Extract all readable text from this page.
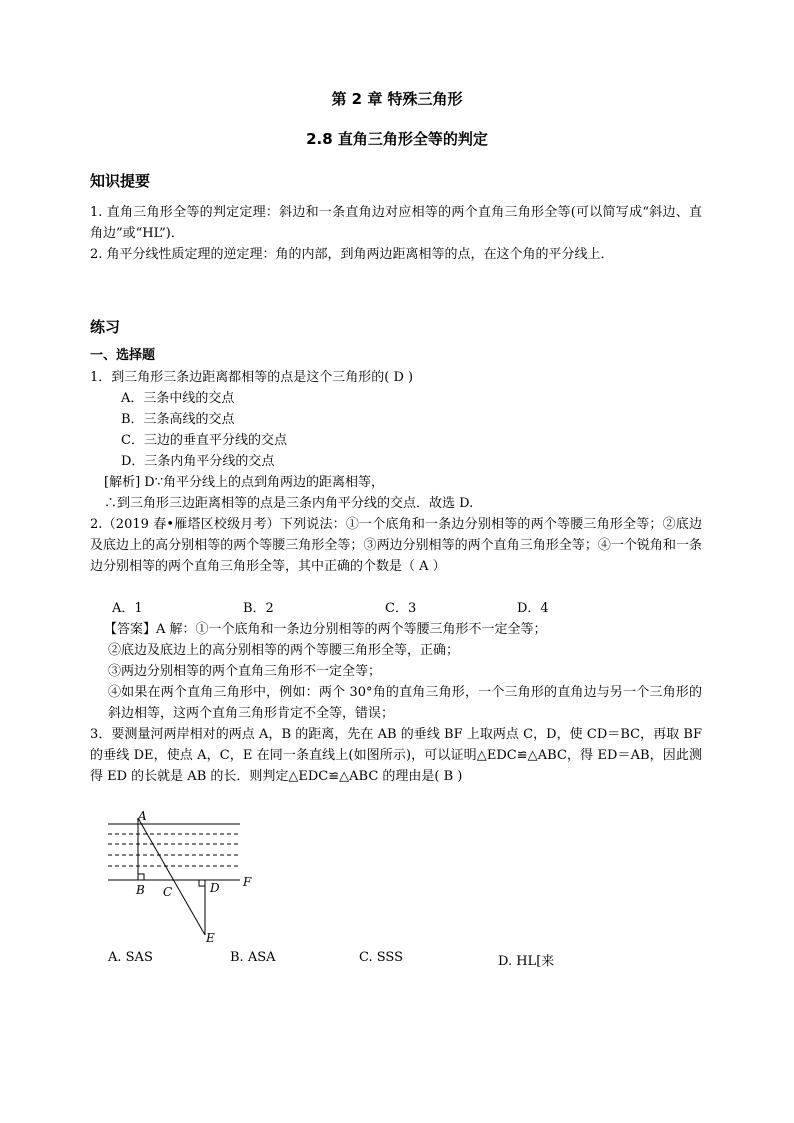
第 2 章 特殊三角形
2.8 直角三角形全等的判定
知识提要
1. 直角三角形全等的判定定理：斜边和一条直角边对应相等的两个直角三角形全等(可以简写成“斜边、直角边”或“HL”)．
2. 角平分线性质定理的逆定理：角的内部，到角两边距离相等的点，在这个角的平分线上．
练习
一、选择题
1．到三角形三条边距离都相等的点是这个三角形的( D )
A．三条中线的交点
B．三条高线的交点
C．三边的垂直平分线的交点
D．三条内角平分线的交点
[解析] D∵角平分线上的点到角两边的距离相等，
∴到三角形三边距离相等的点是三条内角平分线的交点．故选 D.
2.（2019 春•雁塔区校级月考）下列说法：①一个底角和一条边分别相等的两个等腰三角形全等；②底边及底边上的高分别相等的两个等腰三角形全等；③两边分别相等的两个直角三角形全等；④一个锐角和一条边分别相等的两个直角三角形全等，其中正确的个数是（ A ）
A．1	B．2	C．3	D．4
【答案】A 解：①一个底角和一条边分别相等的两个等腰三角形不一定全等；
②底边及底边上的高分别相等的两个等腰三角形全等，正确；
③两边分别相等的两个直角三角形不一定全等；
④如果在两个直角三角形中，例如：两个 30°角的直角三角形，一个三角形的直角边与另一个三角形的斜边相等，这两个直角三角形肯定不全等，错误；
3．要测量河两岸相对的两点 A，B 的距离，先在 AB 的垂线 BF 上取两点 C，D，使 CD＝BC，再取 BF 的垂线 DE，使点 A，C，E 在同一条直线上(如图所示)，可以证明△EDC≌△ABC，得 ED＝AB，因此测得 ED 的长就是 AB 的长．则判定△EDC≌△ABC 的理由是( B )
A
B C	D
E
F
A. SAS	B. ASA	C. SSS	D. HL[来
